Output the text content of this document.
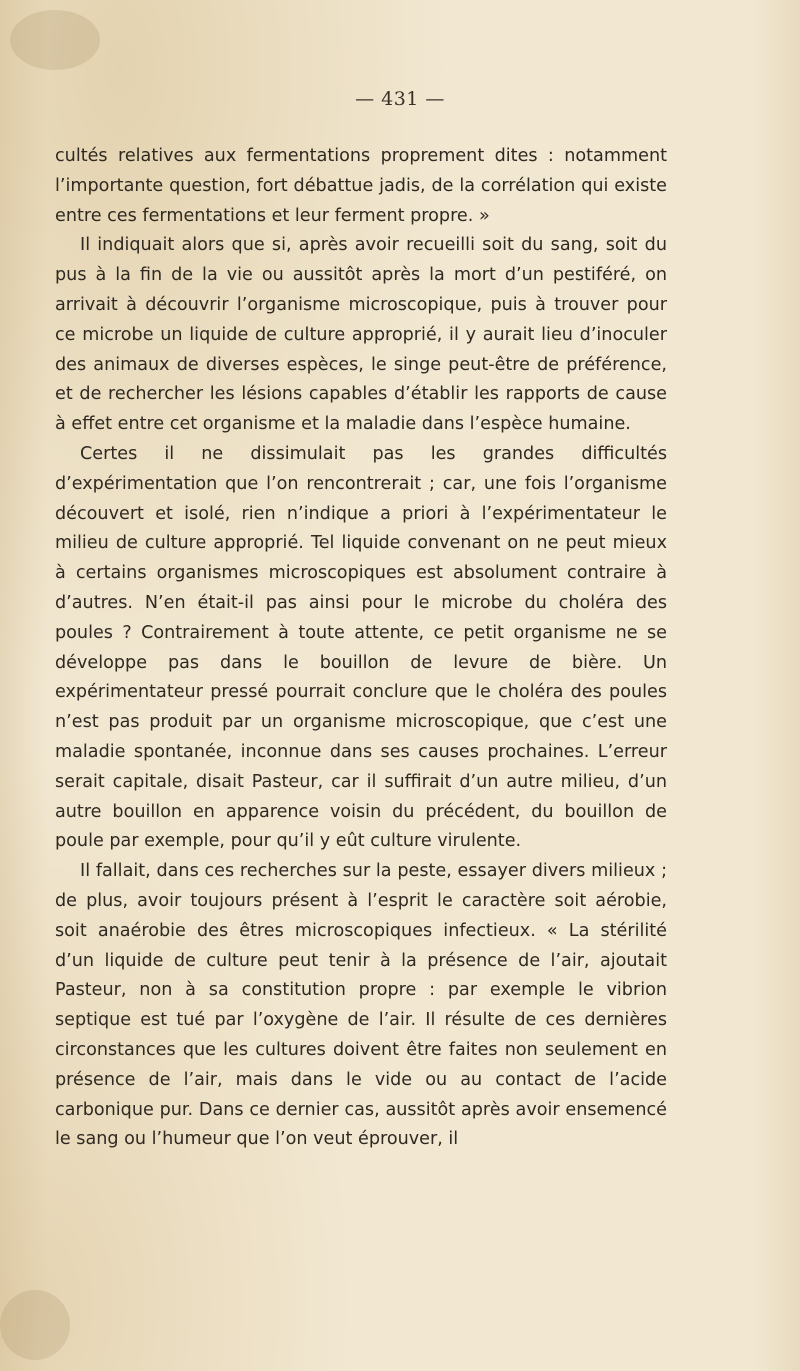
— 431 —

cultés relatives aux fermentations proprement dites : notamment l’importante question, fort débattue jadis, de la corrélation qui existe entre ces fermentations et leur ferment propre. »

Il indiquait alors que si, après avoir recueilli soit du sang, soit du pus à la fin de la vie ou aussitôt après la mort d’un pestiféré, on arrivait à découvrir l’organisme microscopique, puis à trouver pour ce microbe un liquide de culture approprié, il y aurait lieu d’inoculer des animaux de diverses espèces, le singe peut-être de préférence, et de rechercher les lésions capables d’établir les rapports de cause à effet entre cet organisme et la maladie dans l’espèce humaine.

Certes il ne dissimulait pas les grandes difficultés d’expérimentation que l’on rencontrerait ; car, une fois l’organisme découvert et isolé, rien n’indique a priori à l’expérimentateur le milieu de culture approprié. Tel liquide convenant on ne peut mieux à certains organismes microscopiques est absolument contraire à d’autres. N’en était-il pas ainsi pour le microbe du choléra des poules ? Contrairement à toute attente, ce petit organisme ne se développe pas dans le bouillon de levure de bière. Un expérimentateur pressé pourrait conclure que le choléra des poules n’est pas produit par un organisme microscopique, que c’est une maladie spontanée, inconnue dans ses causes prochaines. L’erreur serait capitale, disait Pasteur, car il suffirait d’un autre milieu, d’un autre bouillon en apparence voisin du précédent, du bouillon de poule par exemple, pour qu’il y eût culture virulente.

Il fallait, dans ces recherches sur la peste, essayer divers milieux ; de plus, avoir toujours présent à l’esprit le caractère soit aérobie, soit anaérobie de⁠s êtres microscopiques infectieux. « La stérilité d’un liquide de culture peut tenir à la présence de l’air, ajoutait Pasteur, non à sa constitution propre : par exemple le vibrion septique est tué par l’oxygène de l’air. Il résulte de ces dernières circonstances que les cultures doivent être faites non seulement en présence de l’air, mais dans le vide ou au contact de l’acide carbonique pur. Dans ce dernier cas, aussitôt après avoir ensemencé le sang ou l’humeur que l’on veut éprouver, il
